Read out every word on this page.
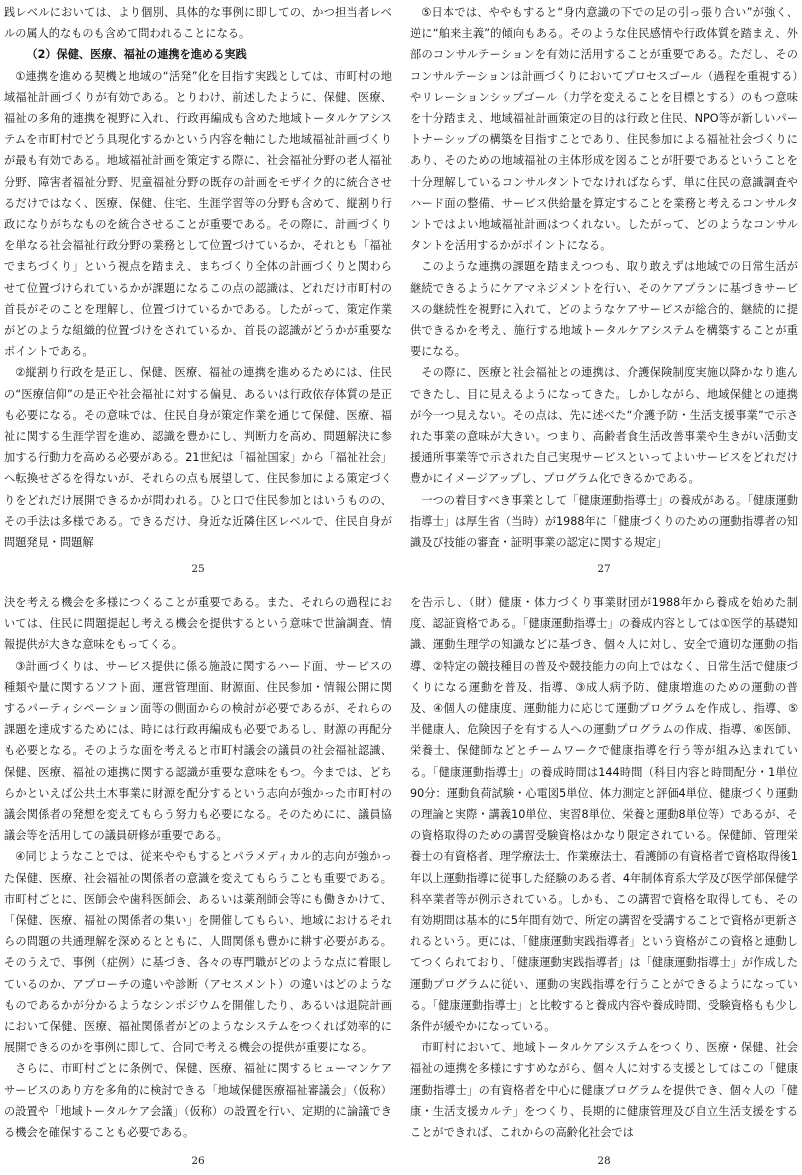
践レベルにおいては、より個別、具体的な事例に即しての、かつ担当者レベルの属人的なものも含めて問われることになる。

（2）保健、医療、福祉の連携を進める実践

①連携を進める契機と地域の“活発”化を目指す実践としては、市町村の地域福祉計画づくりが有効である。とりわけ、前述したように、保健、医療、福祉の多角的連携を視野に入れ、行政再編成も含めた地域トータルケアシステムを市町村でどう具現化するかという内容を軸にした地域福祉計画づくりが最も有効である。地域福祉計画を策定する際に、社会福祉分野の老人福祉分野、障害者福祉分野、児童福祉分野の既存の計画をモザイク的に統合させるだけではなく、医療、保健、住宅、生涯学習等の分野も含めて、縦割り行政になりがちなものを統合させることが重要である。その際に、計画づくりを単なる社会福祉行政分野の業務として位置づけているか、それとも「福祉でまちづくり」という視点を踏まえ、まちづくり全体の計画づくりと関わらせて位置づけられているかが課題になるこの点の認識は、どれだけ市町村の首長がそのことを理解し、位置づけているかである。したがって、策定作業がどのような組織的位置づけをされているか、首長の認識がどうかが重要なポイントである。

②縦割り行政を是正し、保健、医療、福祉の連携を進めるためには、住民の“医療信仰”の是正や社会福祉に対する偏見、あるいは行政依存体質の是正も必要になる。その意味では、住民自身が策定作業を通じて保健、医療、福祉に関する生涯学習を進め、認識を豊かにし、判断力を高め、問題解決に参加する行動力を高める必要がある。21世紀は「福祉国家」から「福祉社会」へ転換せざるを得ないが、それらの点も展望して、住民参加による策定づくりをどれだけ展開できるかが問われる。ひと口で住民参加とはいうものの、その手法は多様である。できるだけ、身近な近隣住区レベルで、住民自身が問題発見・問題解

25

⑤日本では、ややもすると“身内意識の下での足の引っ張り合い”が強く、逆に“舶来主義”的傾向もある。そのような住民感情や行政体質を踏まえ、外部のコンサルテーションを有効に活用することが重要である。ただし、そのコンサルテーションは計画づくりにおいてプロセスゴール（過程を重視する）やリレーションシップゴール（力学を変えることを目標とする）のもつ意味を十分踏まえ、地域福祉計画策定の目的は行政と住民、NPO等が新しいパートナーシップの構築を目指すことであり、住民参加による福祉社会づくりにあり、そのための地域福祉の主体形成を図ることが肝要であるということを十分理解しているコンサルタントでなければならず、単に住民の意識調査やハード面の整備、サービス供給量を算定することを業務と考えるコンサルタントではよい地域福祉計画はつくれない。したがって、どのようなコンサルタントを活用するかがポイントになる。

このような連携の課題を踏まえつつも、取り敢えずは地域での日常生活が継続できるようにケアマネジメントを行い、そのケアプランに基づきサービスの継続性を視野に入れて、どのようなケアサービスが総合的、継続的に提供できるかを考え、施行する地域トータルケアシステムを構築することが重要になる。

その際に、医療と社会福祉との連携は、介護保険制度実施以降かなり進んできたし、目に見えるようになってきた。しかしながら、地域保健との連携が今一つ見えない。その点は、先に述べた“介護予防・生活支援事業”で示された事業の意味が大きい。つまり、高齢者食生活改善事業や生きがい活動支援通所事業等で示された自己実現サービスといってよいサービスをどれだけ豊かにイメージアップし、プログラム化できるかである。

一つの着目すべき事業として「健康運動指導士」の養成がある。「健康運動指導士」は厚生省（当時）が1988年に「健康づくりのための運動指導者の知識及び技能の審査・証明事業の認定に関する規定」

27

決を考える機会を多様につくることが重要である。また、それらの過程においては、住民に問題提起し考える機会を提供するという意味で世論調査、情報提供が大きな意味をもってくる。

③計画づくりは、サービス提供に係る施設に関するハード面、サービスの種類や量に関するソフト面、運営管理面、財源面、住民参加・情報公開に関するパーティシペーション面等の側面からの検討が必要であるが、それらの課題を達成するためには、時には行政再編成も必要であるし、財源の再配分も必要となる。そのような面を考えると市町村議会の議員の社会福祉認識、保健、医療、福祉の連携に関する認識が重要な意味をもつ。今までは、どちらかといえば公共土木事業に財源を配分するという志向が強かった市町村の議会関係者の発想を変えてもらう努力も必要になる。そのためにに、議員協議会等を活用しての議員研修が重要である。

④同じようなことでは、従来ややもするとパラメディカル的志向が強かった保健、医療、社会福祉の関係者の意識を変えてもらうことも重要である。市町村ごとに、医師会や歯科医師会、あるいは薬剤師会等にも働きかけて、「保健、医療、福祉の関係者の集い」を開催してもらい、地域におけるそれらの問題の共通理解を深めるとともに、人間関係も豊かに耕す必要がある。そのうえで、事例（症例）に基づき、各々の専門職がどのような点に着眼しているのか、アプローチの違いや診断（アセスメント）の違いはどのようなものであるかが分かるようなシンポジウムを開催したり、あるいは退院計画において保健、医療、福祉関係者がどのようなシステムをつくれば効率的に展開できるのかを事例に即して、合同で考える機会の提供が重要になる。

さらに、市町村ごとに条例で、保健、医療、福祉に関するヒューマンケアサービスのあり方を多角的に検討できる「地域保健医療福祉審議会」（仮称）の設置や「地域トータルケア会議」（仮称）の設置を行い、定期的に論議できる機会を確保することも必要である。

26

を告示し、（財）健康・体力づくり事業財団が1988年から養成を始めた制度、認証資格である。「健康運動指導士」の養成内容としては①医学的基礎知識、運動生理学の知識などに基づき、個々人に対し、安全で適切な運動の指導、②特定の競技種目の普及や競技能力の向上ではなく、日常生活で健康づくりになる運動を普及、指導、③成人病予防、健康増進のための運動の普及、④個人の健康度、運動能力に応じて運動プログラムを作成し、指導、⑤半健康人、危険因子を有する人への運動プログラムの作成、指導、⑥医師、栄養士、保健師などとチームワークで健康指導を行う等が組み込まれている。「健康運動指導士」の養成時間は144時間（科目内容と時間配分・1単位90分：運動負荷試験・心電図5単位、体力測定と評価4単位、健康づくり運動の理論と実際・講義10単位、実習8単位、栄養と運動8単位等）であるが、その資格取得のための講習受験資格はかなり限定されている。保健師、管理栄養士の有資格者、理学療法士、作業療法士、看護師の有資格者で資格取得後1年以上運動指導に従事した経験のある者、4年制体育系大学及び医学部保健学科卒業者等が例示されている。しかも、この講習で資格を取得しても、その有効期間は基本的に5年間有効で、所定の講習を受講することで資格が更新されるという。更には、「健康運動実践指導者」という資格がこの資格と連動してつくられており、「健康運動実践指導者」は「健康運動指導士」が作成した運動プログラムに従い、運動の実践指導を行うことができるようになっている。「健康運動指導士」と比較すると養成内容や養成時間、受験資格もも少し条件が緩やかになっている。

市町村において、地域トータルケアシステムをつくり、医療・保健、社会福祉の連携を多様にすすめながら、個々人に対する支援としてはこの「健康運動指導士」の有資格者を中心に健康プログラムを提供でき、個々人の「健康・生活支援カルテ」をつくり、長期的に健康管理及び自立生活支援をすることができれば、これからの高齢化社会では

28
